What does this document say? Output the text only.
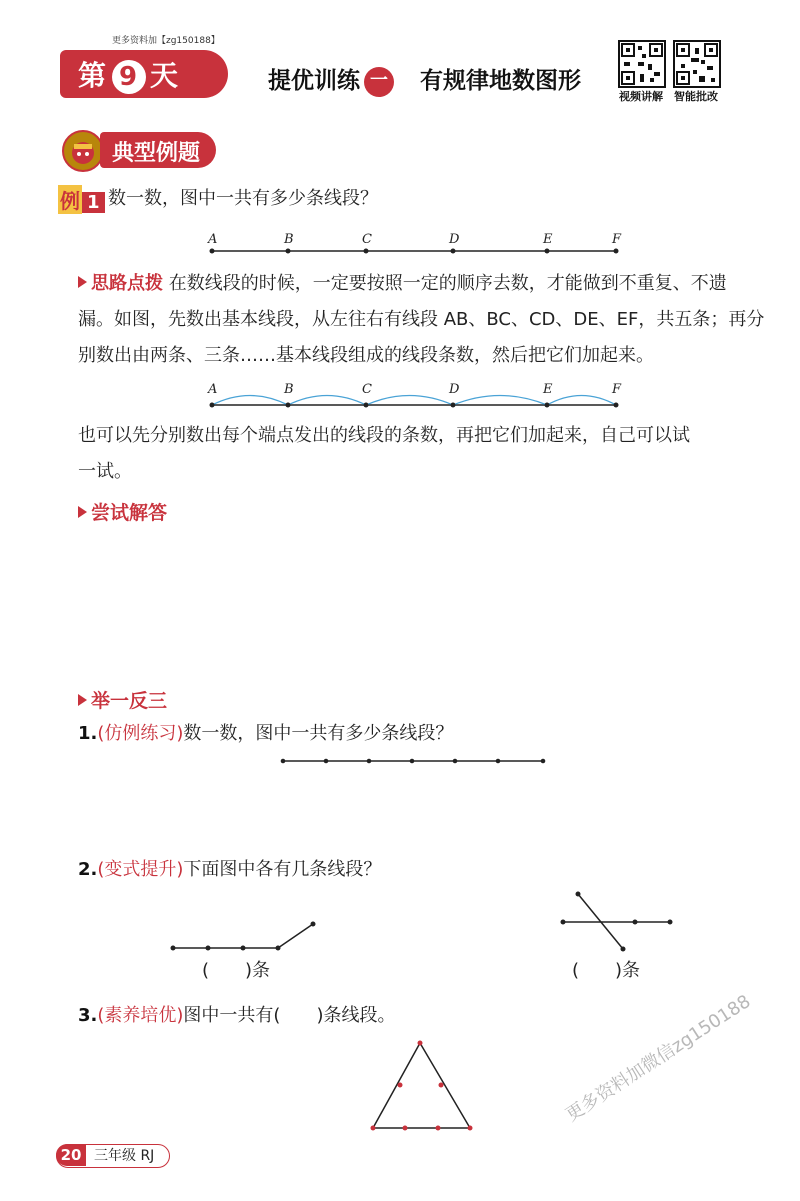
更多资料加【zg150188】
第 9 天	提优训练 一 有规律地数图形
视频讲解 智能批改
典型例题
例 1 数一数，图中一共有多少条线段？
A	B	C	D	E	F
思路点拨 在数线段的时候，一定要按照一定的顺序去数，才能做到不重复、不遗
漏。如图，先数出基本线段，从左往右有线段 AB、BC、CD、DE、EF，共五条；再分
别数出由两条、三条……基本线段组成的线段条数，然后把它们加起来。
A	B	C	D	E	F
也可以先分别数出每个端点发出的线段的条数，再把它们加起来，自己可以试
一试。
尝试解答
举一反三
1.(仿例练习)数一数，图中一共有多少条线段？
2.(变式提升)下面图中各有几条线段？
(　　)条	(　　)条
3.(素养培优)图中一共有(　　)条线段。
20 三年级 RJ
更多资料加微信zg150188
